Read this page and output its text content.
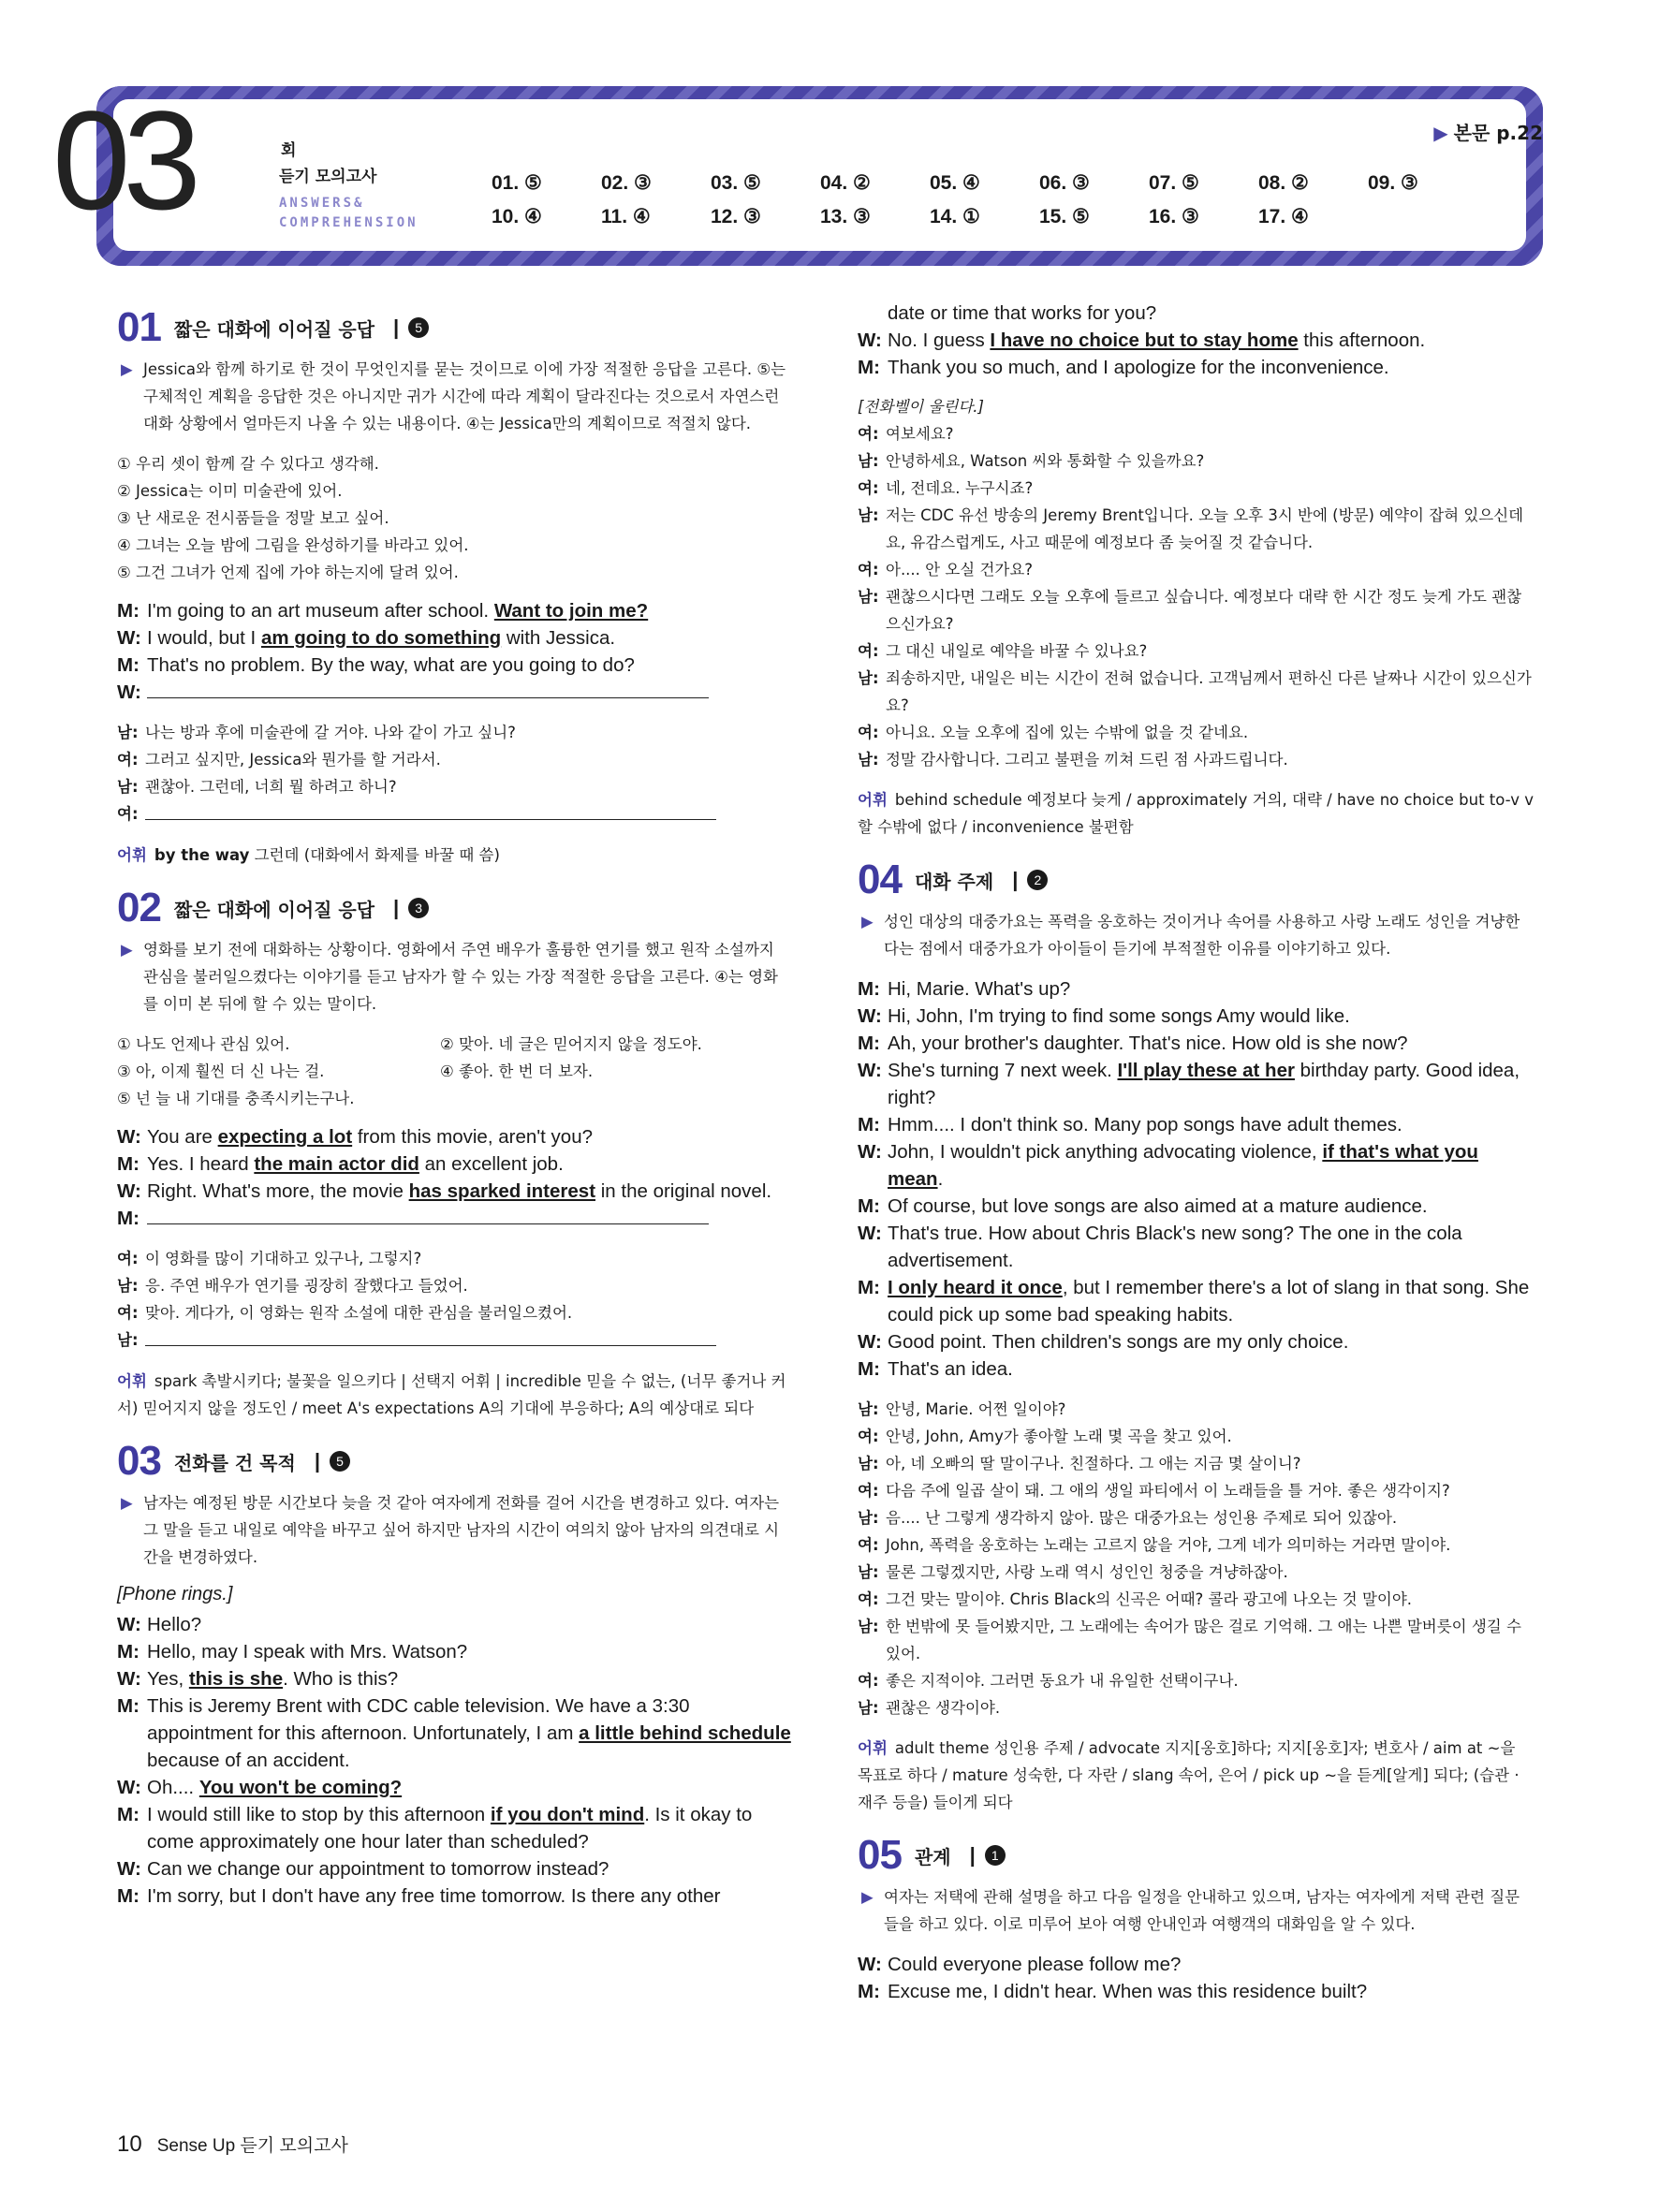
03	회
듣기 모의고사
ANSWERS&
COMPREHENSION
▶ 본문 p.22
01. ⑤	02. ③	03. ⑤	04. ②	05. ④	06. ③	07. ⑤	08. ②	09. ③
10. ④	11. ④	12. ③	13. ③	14. ①	15. ⑤	16. ③	17. ④
01 짧은 대화에 이어질 응답 |	5
▶ Jessica와 함께 하기로 한 것이 무엇인지를 묻는 것이므로 이에 가장 적절한 응답을 고른다. ⑤는 구체적인 계획을 응답한 것은 아니지만 귀가 시간에 따라 계획이 달라진다는 것으로서 자연스런 대화 상황에서 얼마든지 나올 수 있는 내용이다. ④는 Jessica만의 계획이므로 적절치 않다.
① 우리 셋이 함께 갈 수 있다고 생각해.
② Jessica는 이미 미술관에 있어.
③ 난 새로운 전시품들을 정말 보고 싶어.
④ 그녀는 오늘 밤에 그림을 완성하기를 바라고 있어.
⑤ 그건 그녀가 언제 집에 가야 하는지에 달려 있어.
M: I'm going to an art museum after school. Want to join me?
W: I would, but I am going to do something with Jessica.
M: That's no problem. By the way, what are you going to do?
W:
남: 나는 방과 후에 미술관에 갈 거야. 나와 같이 가고 싶니?
여: 그러고 싶지만, Jessica와 뭔가를 할 거라서.
남: 괜찮아. 그런데, 너희 뭘 하려고 하니?
여:
어휘 by the way 그런데 (대화에서 화제를 바꿀 때 씀)
02 짧은 대화에 이어질 응답 |	3
▶ 영화를 보기 전에 대화하는 상황이다. 영화에서 주연 배우가 훌륭한 연기를 했고 원작 소설까지 관심을 불러일으켰다는 이야기를 듣고 남자가 할 수 있는 가장 적절한 응답을 고른다. ④는 영화를 이미 본 뒤에 할 수 있는 말이다.
① 나도 언제나 관심 있어.	② 맞아. 네 글은 믿어지지 않을 정도야.
③ 아, 이제 훨씬 더 신 나는 걸.	④ 좋아. 한 번 더 보자.
⑤ 넌 늘 내 기대를 충족시키는구나.
W: You are expecting a lot from this movie, aren't you?
M: Yes. I heard the main actor did an excellent job.
W: Right. What's more, the movie has sparked interest in the original novel.
M:
여: 이 영화를 많이 기대하고 있구나, 그렇지?
남: 응. 주연 배우가 연기를 굉장히 잘했다고 들었어.
여: 맞아. 게다가, 이 영화는 원작 소설에 대한 관심을 불러일으켰어.
남:
어휘 spark 촉발시키다; 불꽃을 일으키다 | 선택지 어휘 | incredible 믿을 수 없는, (너무 좋거나 커서) 믿어지지 않을 정도인 / meet A's expectations A의 기대에 부응하다; A의 예상대로 되다
03 전화를 건 목적 |	5
▶ 남자는 예정된 방문 시간보다 늦을 것 같아 여자에게 전화를 걸어 시간을 변경하고 있다. 여자는 그 말을 듣고 내일로 예약을 바꾸고 싶어 하지만 남자의 시간이 여의치 않아 남자의 의견대로 시간을 변경하였다.
[Phone rings.]
W: Hello?
M: Hello, may I speak with Mrs. Watson?
W: Yes, this is she. Who is this?
M: This is Jeremy Brent with CDC cable television. We have a 3:30 appointment for this afternoon. Unfortunately, I am a little behind schedule because of an accident.
W: Oh.... You won't be coming?
M: I would still like to stop by this afternoon if you don't mind. Is it okay to come approximately one hour later than scheduled?
W: Can we change our appointment to tomorrow instead?
M: I'm sorry, but I don't have any free time tomorrow. Is there any other
date or time that works for you?
W: No. I guess I have no choice but to stay home this afternoon.
M: Thank you so much, and I apologize for the inconvenience.
[전화벨이 울린다.]
여: 여보세요?
남: 안녕하세요, Watson 씨와 통화할 수 있을까요?
여: 네, 전데요. 누구시죠?
남: 저는 CDC 유선 방송의 Jeremy Brent입니다. 오늘 오후 3시 반에 (방문) 예약이 잡혀 있으신데요, 유감스럽게도, 사고 때문에 예정보다 좀 늦어질 것 같습니다.
여: 아.... 안 오실 건가요?
남: 괜찮으시다면 그래도 오늘 오후에 들르고 싶습니다. 예정보다 대략 한 시간 정도 늦게 가도 괜찮으신가요?
여: 그 대신 내일로 예약을 바꿀 수 있나요?
남: 죄송하지만, 내일은 비는 시간이 전혀 없습니다. 고객님께서 편하신 다른 날짜나 시간이 있으신가요?
여: 아니요. 오늘 오후에 집에 있는 수밖에 없을 것 같네요.
남: 정말 감사합니다. 그리고 불편을 끼쳐 드린 점 사과드립니다.
어휘 behind schedule 예정보다 늦게 / approximately 거의, 대략 / have no choice but to-v v할 수밖에 없다 / inconvenience 불편함
04 대화 주제 |	2
▶ 성인 대상의 대중가요는 폭력을 옹호하는 것이거나 속어를 사용하고 사랑 노래도 성인을 겨냥한다는 점에서 대중가요가 아이들이 듣기에 부적절한 이유를 이야기하고 있다.
M: Hi, Marie. What's up?
W: Hi, John, I'm trying to find some songs Amy would like.
M: Ah, your brother's daughter. That's nice. How old is she now?
W: She's turning 7 next week. I'll play these at her birthday party. Good idea, right?
M: Hmm.... I don't think so. Many pop songs have adult themes.
W: John, I wouldn't pick anything advocating violence, if that's what you mean.
M: Of course, but love songs are also aimed at a mature audience.
W: That's true. How about Chris Black's new song? The one in the cola advertisement.
M: I only heard it once, but I remember there's a lot of slang in that song. She could pick up some bad speaking habits.
W: Good point. Then children's songs are my only choice.
M: That's an idea.
남: 안녕, Marie. 어쩐 일이야?
여: 안녕, John, Amy가 좋아할 노래 몇 곡을 찾고 있어.
남: 아, 네 오빠의 딸 말이구나. 친절하다. 그 애는 지금 몇 살이니?
여: 다음 주에 일곱 살이 돼. 그 애의 생일 파티에서 이 노래들을 틀 거야. 좋은 생각이지?
남: 음.... 난 그렇게 생각하지 않아. 많은 대중가요는 성인용 주제로 되어 있잖아.
여: John, 폭력을 옹호하는 노래는 고르지 않을 거야, 그게 네가 의미하는 거라면 말이야.
남: 물론 그렇겠지만, 사랑 노래 역시 성인인 청중을 겨냥하잖아.
여: 그건 맞는 말이야. Chris Black의 신곡은 어때? 콜라 광고에 나오는 것 말이야.
남: 한 번밖에 못 들어봤지만, 그 노래에는 속어가 많은 걸로 기억해. 그 애는 나쁜 말버릇이 생길 수 있어.
여: 좋은 지적이야. 그러면 동요가 내 유일한 선택이구나.
남: 괜찮은 생각이야.
어휘 adult theme 성인용 주제 / advocate 지지[옹호]하다; 지지[옹호]자; 변호사 / aim at ~을 목표로 하다 / mature 성숙한, 다 자란 / slang 속어, 은어 / pick up ~을 듣게[알게] 되다; (습관 · 재주 등을) 들이게 되다
05 관계 |	1
▶ 여자는 저택에 관해 설명을 하고 다음 일정을 안내하고 있으며, 남자는 여자에게 저택 관련 질문들을 하고 있다. 이로 미루어 보아 여행 안내인과 여행객의 대화임을 알 수 있다.
W: Could everyone please follow me?
M: Excuse me, I didn't hear. When was this residence built?
10 Sense Up 듣기 모의고사
